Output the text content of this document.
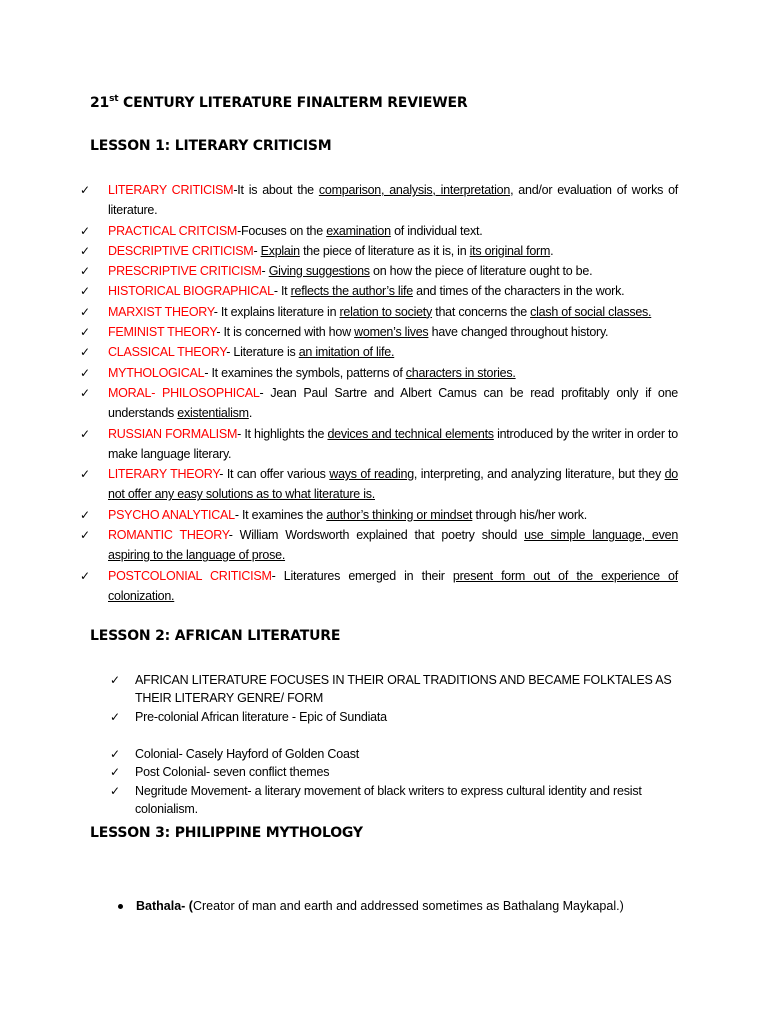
21st CENTURY LITERATURE FINALTERM REVIEWER
LESSON 1: LITERARY CRITICISM
✓ LITERARY CRITICISM-It is about the comparison, analysis, interpretation, and/or evaluation of works of literature.
✓ PRACTICAL CRITCISM-Focuses on the examination of individual text.
✓ DESCRIPTIVE CRITICISM- Explain the piece of literature as it is, in its original form.
✓ PRESCRIPTIVE CRITICISM- Giving suggestions on how the piece of literature ought to be.
✓ HISTORICAL BIOGRAPHICAL- It reflects the author’s life and times of the characters in the work.
✓ MARXIST THEORY- It explains literature in relation to society that concerns the clash of social classes.
✓ FEMINIST THEORY- It is concerned with how women’s lives have changed throughout history.
✓ CLASSICAL THEORY- Literature is an imitation of life.
✓ MYTHOLOGICAL- It examines the symbols, patterns of characters in stories.
✓ MORAL- PHILOSOPHICAL- Jean Paul Sartre and Albert Camus can be read profitably only if one understands existentialism.
✓ RUSSIAN FORMALISM- It highlights the devices and technical elements introduced by the writer in order to make language literary.
✓ LITERARY THEORY- It can offer various ways of reading, interpreting, and analyzing literature, but they do not offer any easy solutions as to what literature is.
✓ PSYCHO ANALYTICAL- It examines the author’s thinking or mindset through his/her work.
✓ ROMANTIC THEORY- William Wordsworth explained that poetry should use simple language, even aspiring to the language of prose.
✓ POSTCOLONIAL CRITICISM- Literatures emerged in their present form out of the experience of colonization.
LESSON 2: AFRICAN LITERATURE
✓ AFRICAN LITERATURE FOCUSES IN THEIR ORAL TRADITIONS AND BECAME FOLKTALES AS THEIR LITERARY GENRE/ FORM
✓ Pre-colonial African literature - Epic of Sundiata
✓ Colonial- Casely Hayford of Golden Coast
✓ Post Colonial- seven conflict themes
✓ Negritude Movement- a literary movement of black writers to express cultural identity and resist colonialism.
LESSON 3: PHILIPPINE MYTHOLOGY
Bathala- (Creator of man and earth and addressed sometimes as Bathalang Maykapal.)
